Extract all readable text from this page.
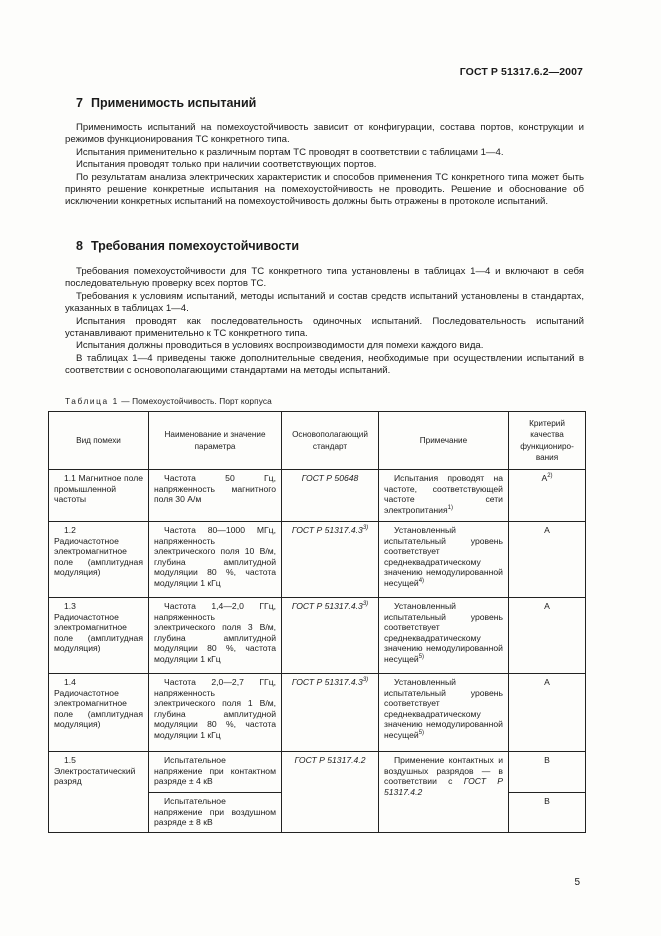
ГОСТ Р 51317.6.2—2007
7 Применимость испытаний

Применимость испытаний на помехоустойчивость зависит от конфигурации, состава портов, конструкции и режимов функционирования ТС конкретного типа.

Испытания применительно к различным портам ТС проводят в соответствии с таблицами 1—4.

Испытания проводят только при наличии соответствующих портов.

По результатам анализа электрических характеристик и способов применения ТС конкретного типа может быть принято решение конкретные испытания на помехоустойчивость не проводить. Решение и обоснование об исключении конкретных испытаний на помехоустойчивость должны быть отражены в протоколе испытаний.

8 Требования помехоустойчивости

Требования помехоустойчивости для ТС конкретного типа установлены в таблицах 1—4 и включают в себя последовательную проверку всех портов ТС.

Требования к условиям испытаний, методы испытаний и состав средств испытаний установлены в стандартах, указанных в таблицах 1—4.

Испытания проводят как последовательность одиночных испытаний. Последовательность испытаний устанавливают применительно к ТС конкретного типа.

Испытания должны проводиться в условиях воспроизводимости для помехи каждого вида.

В таблицах 1—4 приведены также дополнительные сведения, необходимые при осуществлении испытаний в соответствии с основополагающими стандартами на методы испытаний.

Таблица 1 — Помехоустойчивость. Порт корпуса
Вид помехи	Наименование и значение параметра	Основополагающий стандарт	Примечание	Критерий качества функциониро-вания
1.1 Магнитное поле промышленной частоты	Частота 50 Гц, напряженность магнитного поля 30 А/м	ГОСТ Р 50648	Испытания проводят на частоте, соответствующей частоте сети электропитания$^{1)}$	$А^{2)}$
1.2 Радиочастотное электромагнитное поле (амплитудная модуляция)	Частота 80—1000 МГц, напряженность электрического поля 10 В/м, глубина амплитудной модуляции 80 %, частота модуляции 1 кГц	ГОСТ Р 51317.4.3$^{3)}$	Установленный испытательный уровень соответствует среднеквадратическому значению немодулированной несущей$^{4)}$	А
1.3 Радиочастотное электромагнитное поле (амплитудная модуляция)	Частота 1,4—2,0 ГГц, напряженность электрического поля 3 В/м, глубина амплитудной модуляции 80 %, частота модуляции 1 кГц	ГОСТ Р 51317.4.3$^{3)}$	Установленный испытательный уровень соответствует среднеквадратическому значению немодулированной несущей$^{5)}$	А
1.4 Радиочастотное электромагнитное поле (амплитудная модуляция)	Частота 2,0—2,7 ГГц, напряженность электрического поля 1 В/м, глубина амплитудной модуляции 80 %, частота модуляции 1 кГц	ГОСТ Р 51317.4.3$^{3)}$	Установленный испытательный уровень соответствует среднеквадратическому значению немодулированной несущей$^{5)}$	А
1.5 Электростатический разряд	Испытательное напряжение при контактном разряде ± 4 кВ	ГОСТ Р 51317.4.2	Применение контактных и воздушных разрядов — в соответствии с ГОСТ Р 51317.4.2	В
	Испытательное напряжение при воздушном разряде ± 8 кВ			В
5
